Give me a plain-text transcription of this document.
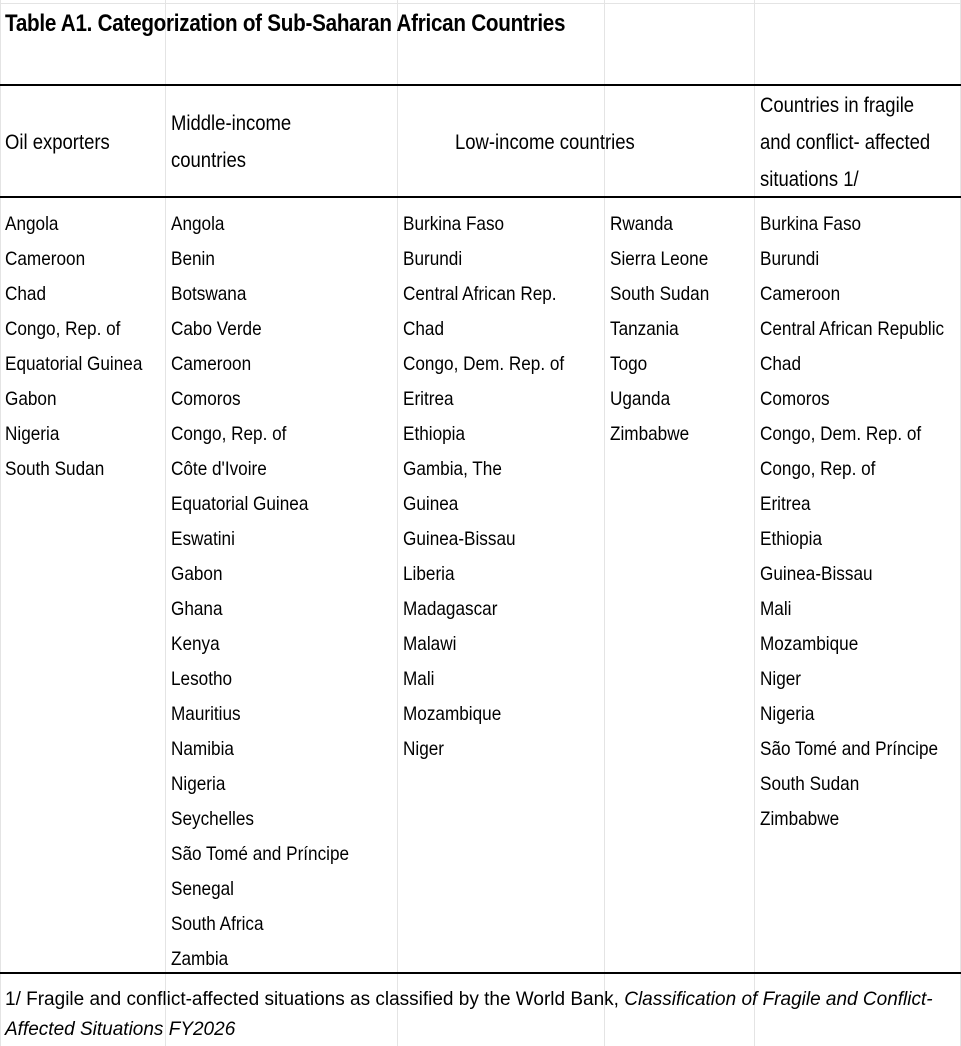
Table A1. Categorization of Sub-Saharan African Countries
Oil exporters
Middle-income
countries
Low-income countries
Countries in fragile
and conflict- affected
situations 1/
Angola
Cameroon
Chad
Congo, Rep. of
Equatorial Guinea
Gabon
Nigeria
South Sudan
Angola
Benin
Botswana
Cabo Verde
Cameroon
Comoros
Congo, Rep. of
Côte d'Ivoire
Equatorial Guinea
Eswatini
Gabon
Ghana
Kenya
Lesotho
Mauritius
Namibia
Nigeria
Seychelles
São Tomé and Príncipe
Senegal
South Africa
Zambia
Burkina Faso
Burundi
Central African Rep.
Chad
Congo, Dem. Rep. of
Eritrea
Ethiopia
Gambia, The
Guinea
Guinea-Bissau
Liberia
Madagascar
Malawi
Mali
Mozambique
Niger
Rwanda
Sierra Leone
South Sudan
Tanzania
Togo
Uganda
Zimbabwe
Burkina Faso
Burundi
Cameroon
Central African Republic
Chad
Comoros
Congo, Dem. Rep. of
Congo, Rep. of
Eritrea
Ethiopia
Guinea-Bissau
Mali
Mozambique
Niger
Nigeria
São Tomé and Príncipe
South Sudan
Zimbabwe
1/ Fragile and conflict-affected situations as classified by the World Bank, Classification of Fragile and Conflict-Affected Situations FY2026
